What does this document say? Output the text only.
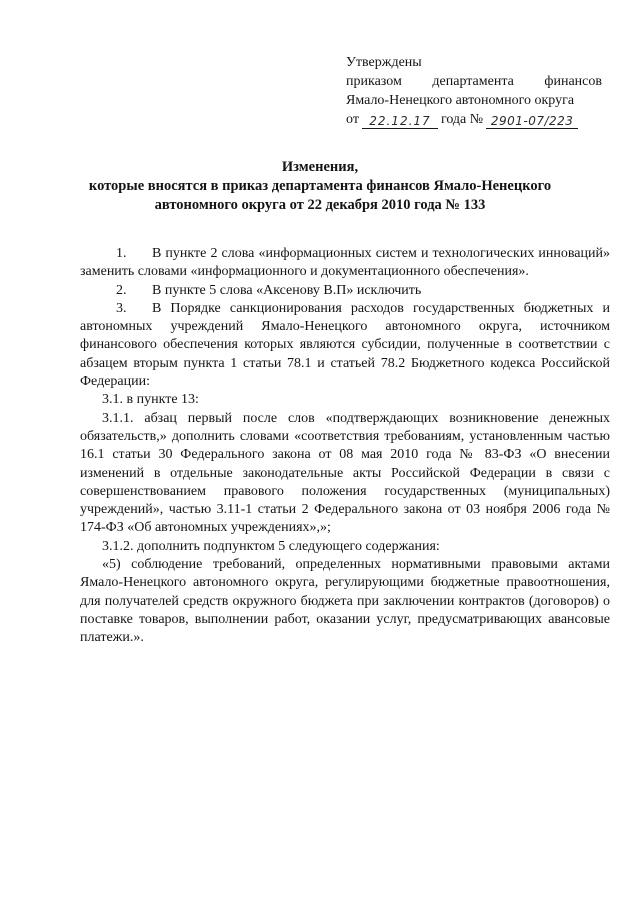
Утверждены
приказом департамента финансов
Ямало-Ненецкого автономного округа
от 22.12.17 года № 2901-07/223
Изменения,
которые вносятся в приказ департамента финансов Ямало-Ненецкого
автономного округа от 22 декабря 2010 года № 133

1. В пункте 2 слова «информационных систем и технологических инноваций» заменить словами «информационного и документационного обеспечения».

2. В пункте 5 слова «Аксенову В.П» исключить

3. В Порядке санкционирования расходов государственных бюджетных и автономных учреждений Ямало-Ненецкого автономного округа, источником финансового обеспечения которых являются субсидии, полученные в соответствии с абзацем вторым пункта 1 статьи 78.1 и статьей 78.2 Бюджетного кодекса Российской Федерации:

3.1. в пункте 13:

3.1.1. абзац первый после слов «подтверждающих возникновение денежных обязательств,» дополнить словами «соответствия требованиям, установленным частью 16.1 статьи 30 Федерального закона от 08 мая 2010 года № 83-ФЗ «О внесении изменений в отдельные законодательные акты Российской Федерации в связи с совершенствованием правового положения государственных (муниципальных) учреждений», частью 3.11-1 статьи 2 Федерального закона от 03 ноября 2006 года № 174-ФЗ «Об автономных учреждениях»,»;

3.1.2. дополнить подпунктом 5 следующего содержания:

«5) соблюдение требований, определенных нормативными правовыми актами Ямало-Ненецкого автономного округа, регулирующими бюджетные правоотношения, для получателей средств окружного бюджета при заключении контрактов (договоров) о поставке товаров, выполнении работ, оказании услуг, предусматривающих авансовые платежи.».
